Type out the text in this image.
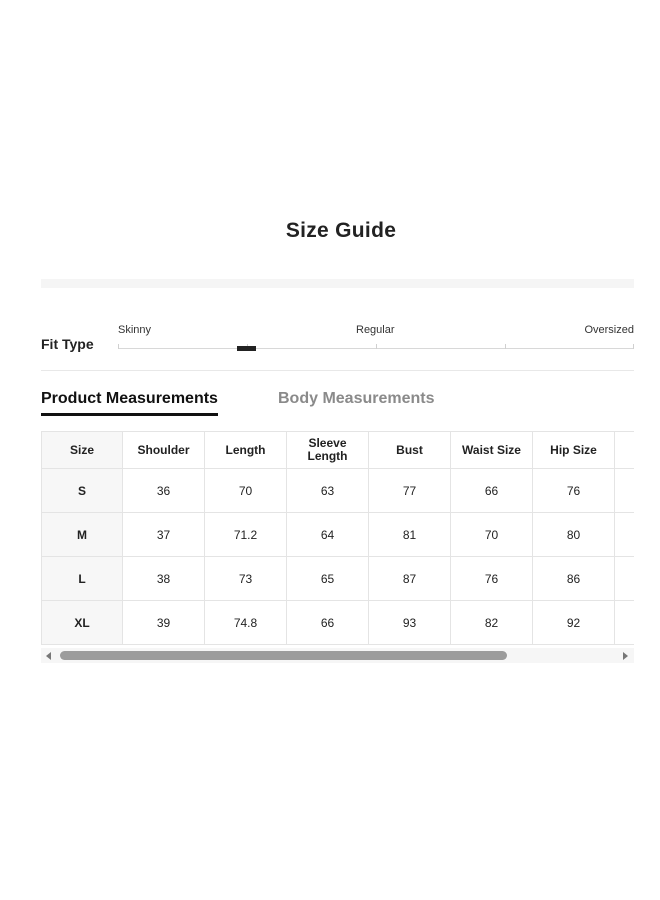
Size Guide
Fit Type
Skinny	Regular	Oversized
Product Measurements	Body Measurements
Size	Shoulder	Length	Sleeve Length	Bust	Waist Size	Hip Size	
S	36	70	63	77	66	76	
M	37	71.2	64	81	70	80	
L	38	73	65	87	76	86	
XL	39	74.8	66	93	82	92	
